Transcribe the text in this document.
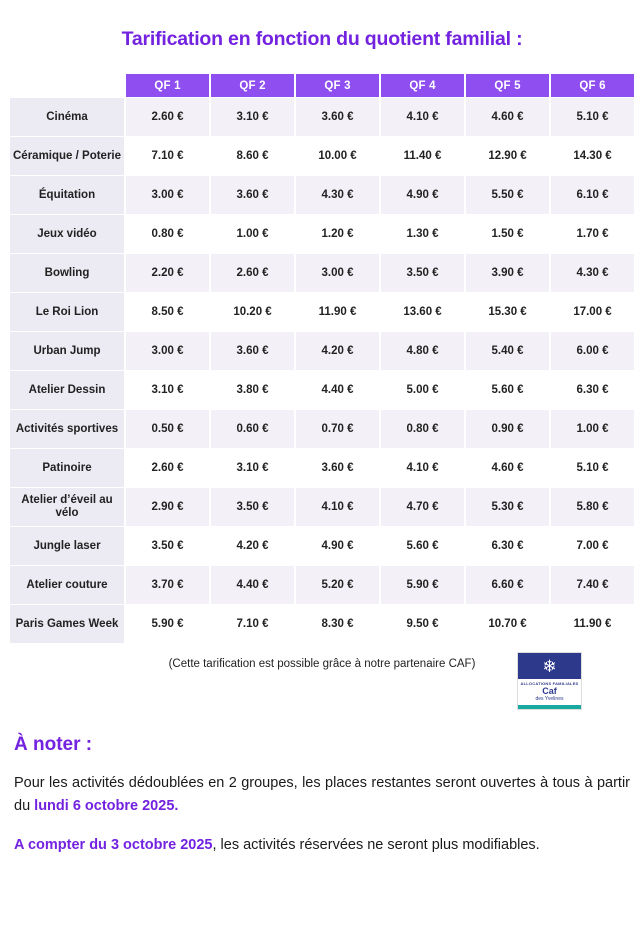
Tarification en fonction du quotient familial :
	QF 1	QF 2	QF 3	QF 4	QF 5	QF 6
Cinéma	2.60 €	3.10 €	3.60 €	4.10 €	4.60 €	5.10 €
Céramique / Poterie	7.10 €	8.60 €	10.00 €	11.40 €	12.90 €	14.30 €
Équitation	3.00 €	3.60 €	4.30 €	4.90 €	5.50 €	6.10 €
Jeux vidéo	0.80 €	1.00 €	1.20 €	1.30 €	1.50 €	1.70 €
Bowling	2.20 €	2.60 €	3.00 €	3.50 €	3.90 €	4.30 €
Le Roi Lion	8.50 €	10.20 €	11.90 €	13.60 €	15.30 €	17.00 €
Urban Jump	3.00 €	3.60 €	4.20 €	4.80 €	5.40 €	6.00 €
Atelier Dessin	3.10 €	3.80 €	4.40 €	5.00 €	5.60 €	6.30 €
Activités sportives	0.50 €	0.60 €	0.70 €	0.80 €	0.90 €	1.00 €
Patinoire	2.60 €	3.10 €	3.60 €	4.10 €	4.60 €	5.10 €
Atelier d’éveil au vélo	2.90 €	3.50 €	4.10 €	4.70 €	5.30 €	5.80 €
Jungle laser	3.50 €	4.20 €	4.90 €	5.60 €	6.30 €	7.00 €
Atelier couture	3.70 €	4.40 €	5.20 €	5.90 €	6.60 €	7.40 €
Paris Games Week	5.90 €	7.10 €	8.30 €	9.50 €	10.70 €	11.90 €
(Cette tarification est possible grâce à notre partenaire CAF)	❄
ALLOCATIONS FAMILIALES
Caf
des Yvelines
À noter :

Pour les activités dédoublées en 2 groupes, les places restantes seront ouvertes à tous à partir du lundi 6 octobre 2025.

A compter du 3 octobre 2025, les activités réservées ne seront plus modifiables.
